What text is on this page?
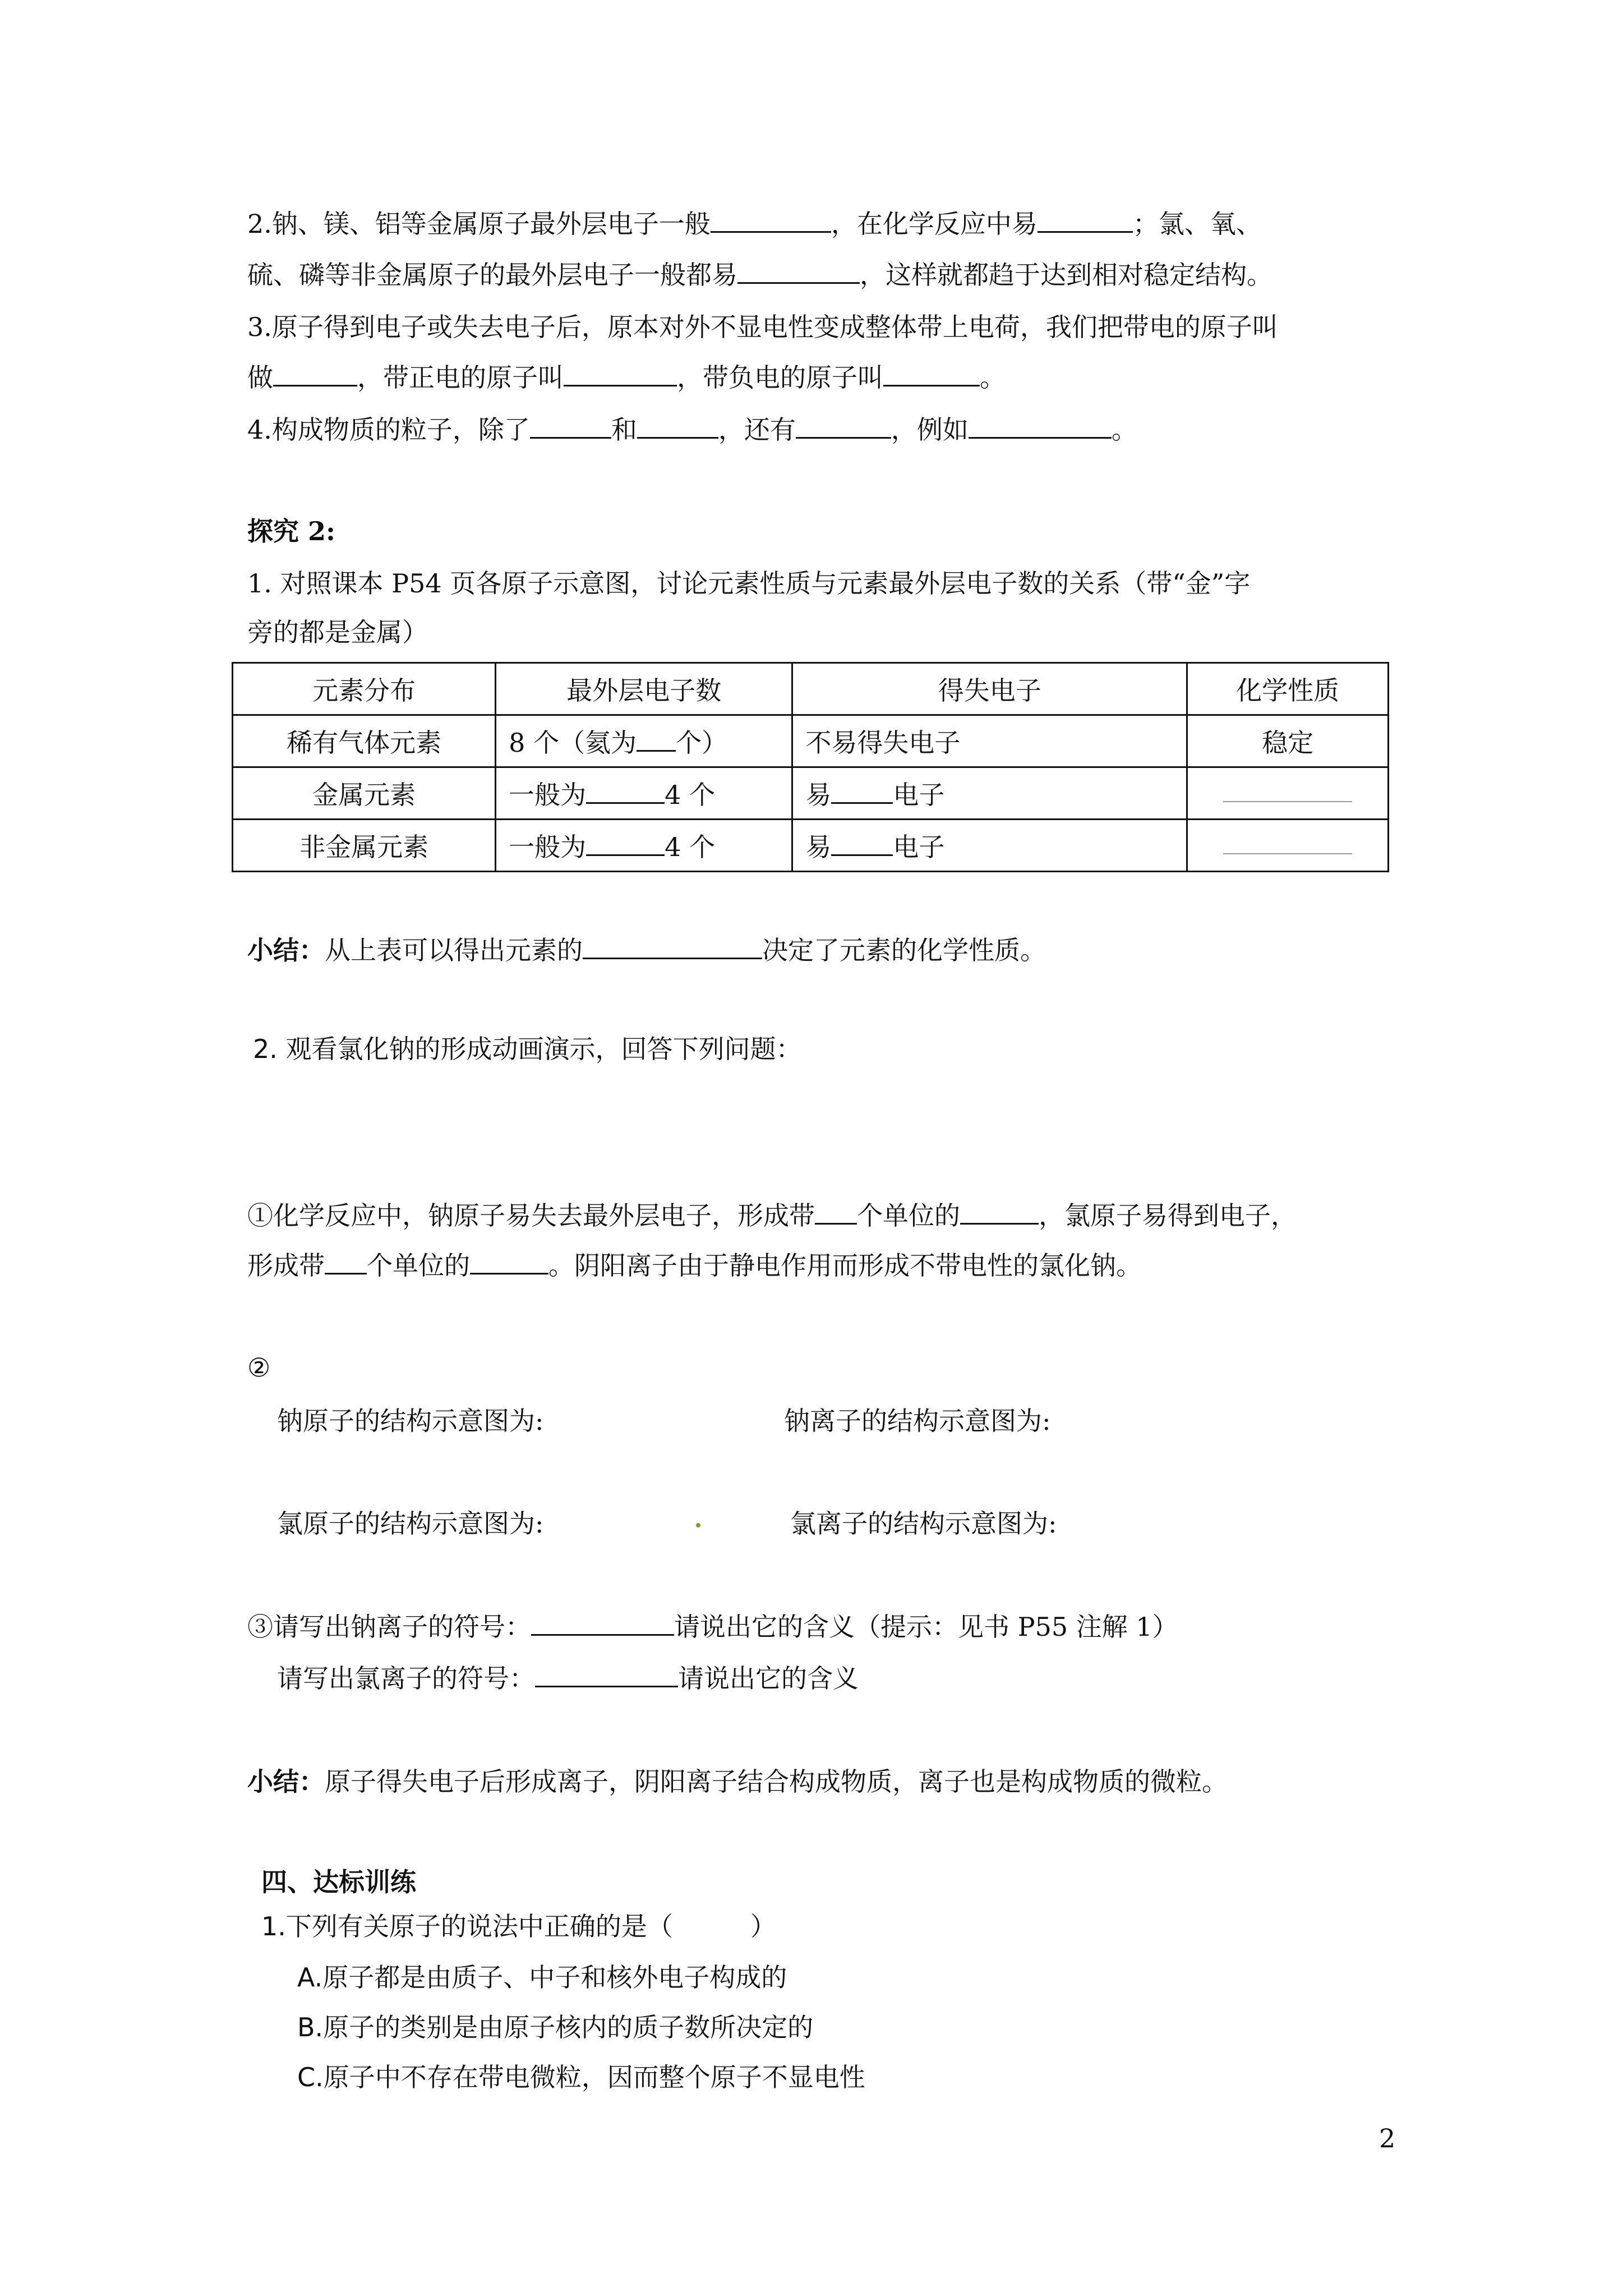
2.钠、镁、铝等金属原子最外层电子一般	，在化学反应中易	；氯、氧、
硫、磷等非金属原子的最外层电子一般都易	，这样就都趋于达到相对稳定结构。
3.原子得到电子或失去电子后，原本对外不显电性变成整体带上电荷，我们把带电的原子叫
做	，带正电的原子叫	，带负电的原子叫	。
4.构成物质的粒子，除了	和	，还有	，例如	。
探究 2:
1. 对照课本 P54 页各原子示意图，讨论元素性质与元素最外层电子数的关系（带“金”字
旁的都是金属）
元素分布	最外层电子数	得失电子	化学性质
稀有气体元素	8 个（氦为 个）	不易得失电子	稳定
金属元素	一般为 4 个	易 电子	
非金属元素	一般为 4 个	易 电子	
小结：从上表可以得出元素的	决定了元素的化学性质。
2. 观看氯化钠的形成动画演示，回答下列问题：
①化学反应中，钠原子易失去最外层电子，形成带 个单位的	，氯原子易得到电子，
形成带 个单位的	。阴阳离子由于静电作用而形成不带电性的氯化钠。
②
钠原子的结构示意图为:	钠离子的结构示意图为:
氯原子的结构示意图为:	氯离子的结构示意图为:
③请写出钠离子的符号：	请说出它的含义（提示：见书 P55 注解 1）
请写出氯离子的符号：	请说出它的含义
小结：原子得失电子后形成离子，阴阳离子结合构成物质，离子也是构成物质的微粒。
四、达标训练
1.下列有关原子的说法中正确的是（　　　）
A.原子都是由质子、中子和核外电子构成的
B.原子的类别是由原子核内的质子数所决定的
C.原子中不存在带电微粒，因而整个原子不显电性
2
